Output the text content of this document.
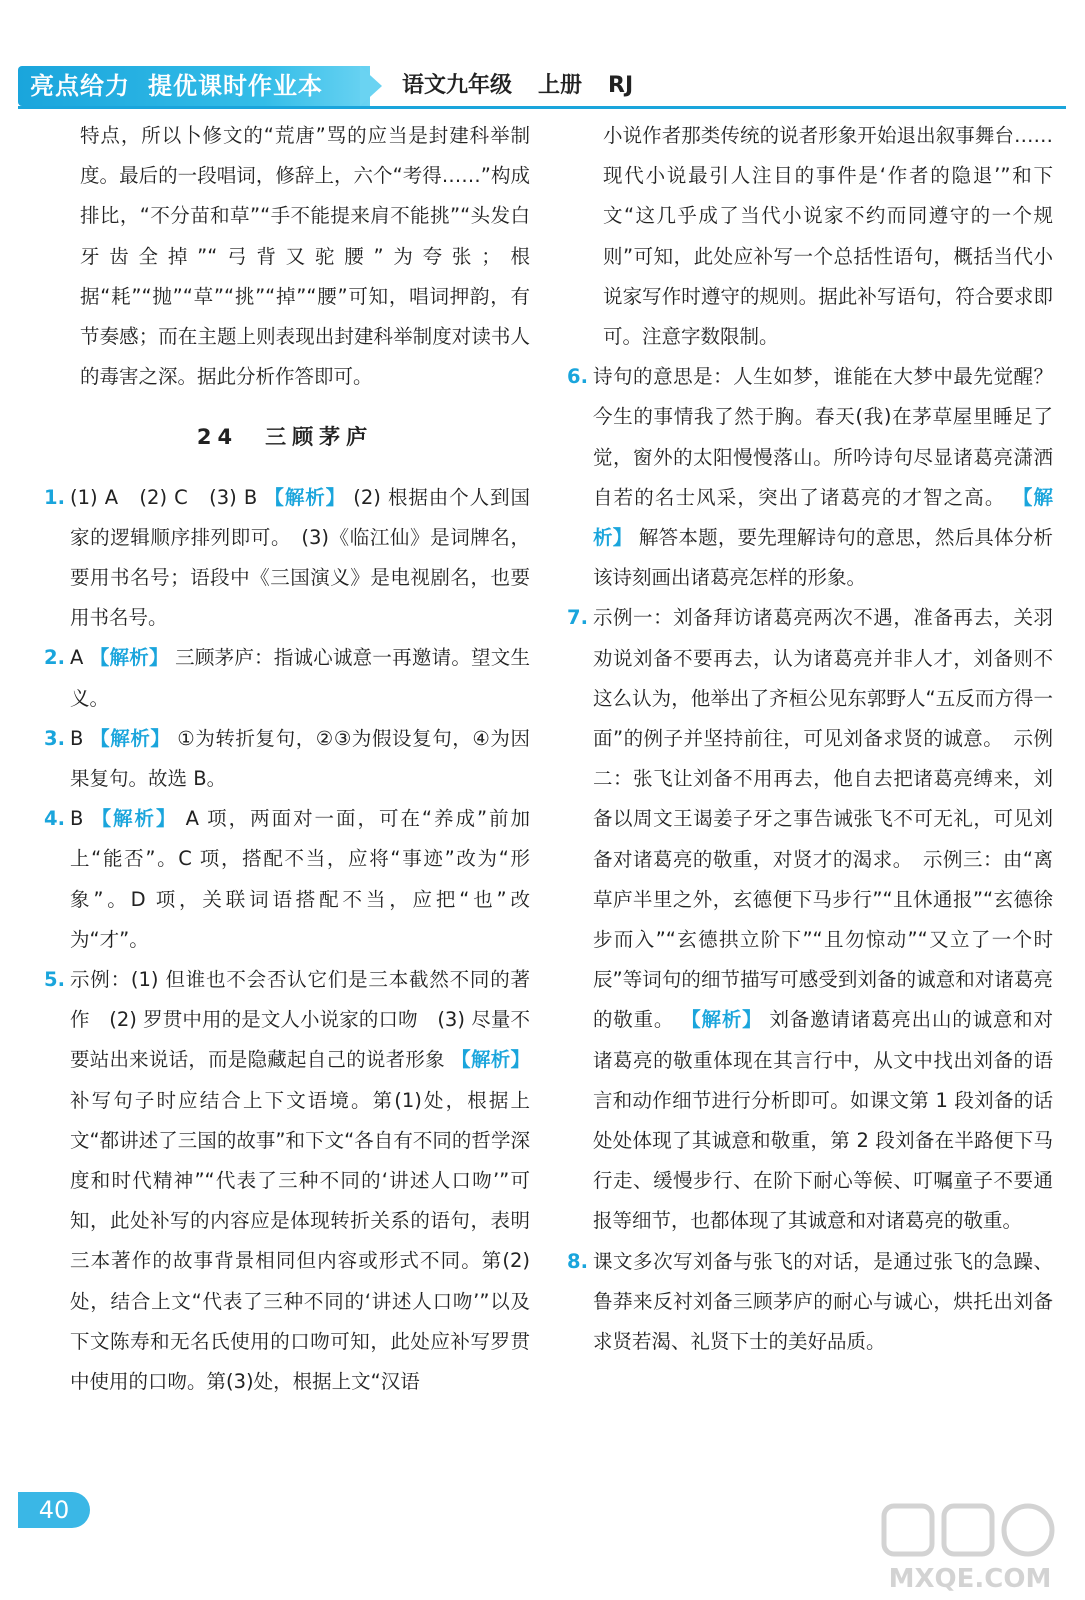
亮点给力 提优课时作业本	语文九年级 上册 RJ

特点，所以卜修文的“荒唐”骂的应当是封建科举制度。最后的一段唱词，修辞上，六个“考得……”构成排比，“不分苗和草”“手不能提来肩不能挑”“头发白牙齿全掉”“弓背又驼腰”为夸张；根据“耗”“抛”“草”“挑”“掉”“腰”可知，唱词押韵，有节奏感；而在主题上则表现出封建科举制度对读书人的毒害之深。据此分析作答即可。

24　三顾茅庐

1. (1) A　(2) C　(3) B 【解析】 (2) 根据由个人到国家的逻辑顺序排列即可。　(3)《临江仙》是词牌名，要用书名号；语段中《三国演义》是电视剧名，也要用书名号。

2. A 【解析】 三顾茅庐：指诚心诚意一再邀请。望文生义。

3. B 【解析】 ①为转折复句，②③为假设复句，④为因果复句。故选 B。

4. B 【解析】 A 项，两面对一面，可在“养成”前加上“能否”。C 项，搭配不当，应将“事迹”改为“形象”。D 项，关联词语搭配不当，应把“也”改为“才”。

5. 示例：(1) 但谁也不会否认它们是三本截然不同的著作　(2) 罗贯中用的是文人小说家的口吻　(3) 尽量不要站出来说话，而是隐藏起自己的说者形象 【解析】 补写句子时应结合上下文语境。第(1)处，根据上文“都讲述了三国的故事”和下文“各自有不同的哲学深度和时代精神”“代表了三种不同的‘讲述人口吻’”可知，此处补写的内容应是体现转折关系的语句，表明三本著作的故事背景相同但内容或形式不同。第(2)处，结合上文“代表了三种不同的‘讲述人口吻’”以及下文陈寿和无名氏使用的口吻可知，此处应补写罗贯中使用的口吻。第(3)处，根据上文“汉语

小说作者那类传统的说者形象开始退出叙事舞台……现代小说最引人注目的事件是‘作者的隐退’”和下文“这几乎成了当代小说家不约而同遵守的一个规则”可知，此处应补写一个总括性语句，概括当代小说家写作时遵守的规则。据此补写语句，符合要求即可。注意字数限制。

6. 诗句的意思是：人生如梦，谁能在大梦中最先觉醒？今生的事情我了然于胸。春天(我)在茅草屋里睡足了觉，窗外的太阳慢慢落山。所吟诗句尽显诸葛亮潇洒自若的名士风采，突出了诸葛亮的才智之高。 【解析】 解答本题，要先理解诗句的意思，然后具体分析该诗刻画出诸葛亮怎样的形象。

7. 示例一：刘备拜访诸葛亮两次不遇，准备再去，关羽劝说刘备不要再去，认为诸葛亮并非人才，刘备则不这么认为，他举出了齐桓公见东郭野人“五反而方得一面”的例子并坚持前往，可见刘备求贤的诚意。　示例二：张飞让刘备不用再去，他自去把诸葛亮缚来，刘备以周文王谒姜子牙之事告诫张飞不可无礼，可见刘备对诸葛亮的敬重，对贤才的渴求。　示例三：由“离草庐半里之外，玄德便下马步行”“且休通报”“玄德徐步而入”“玄德拱立阶下”“且勿惊动”“又立了一个时辰”等词句的细节描写可感受到刘备的诚意和对诸葛亮的敬重。 【解析】 刘备邀请诸葛亮出山的诚意和对诸葛亮的敬重体现在其言行中，从文中找出刘备的语言和动作细节进行分析即可。如课文第 1 段刘备的话处处体现了其诚意和敬重，第 2 段刘备在半路便下马行走、缓慢步行、在阶下耐心等候、叮嘱童子不要通报等细节，也都体现了其诚意和对诸葛亮的敬重。

8. 课文多次写刘备与张飞的对话，是通过张飞的急躁、鲁莽来反衬刘备三顾茅庐的耐心与诚心，烘托出刘备求贤若渴、礼贤下士的美好品质。

40
MXQE.COM
